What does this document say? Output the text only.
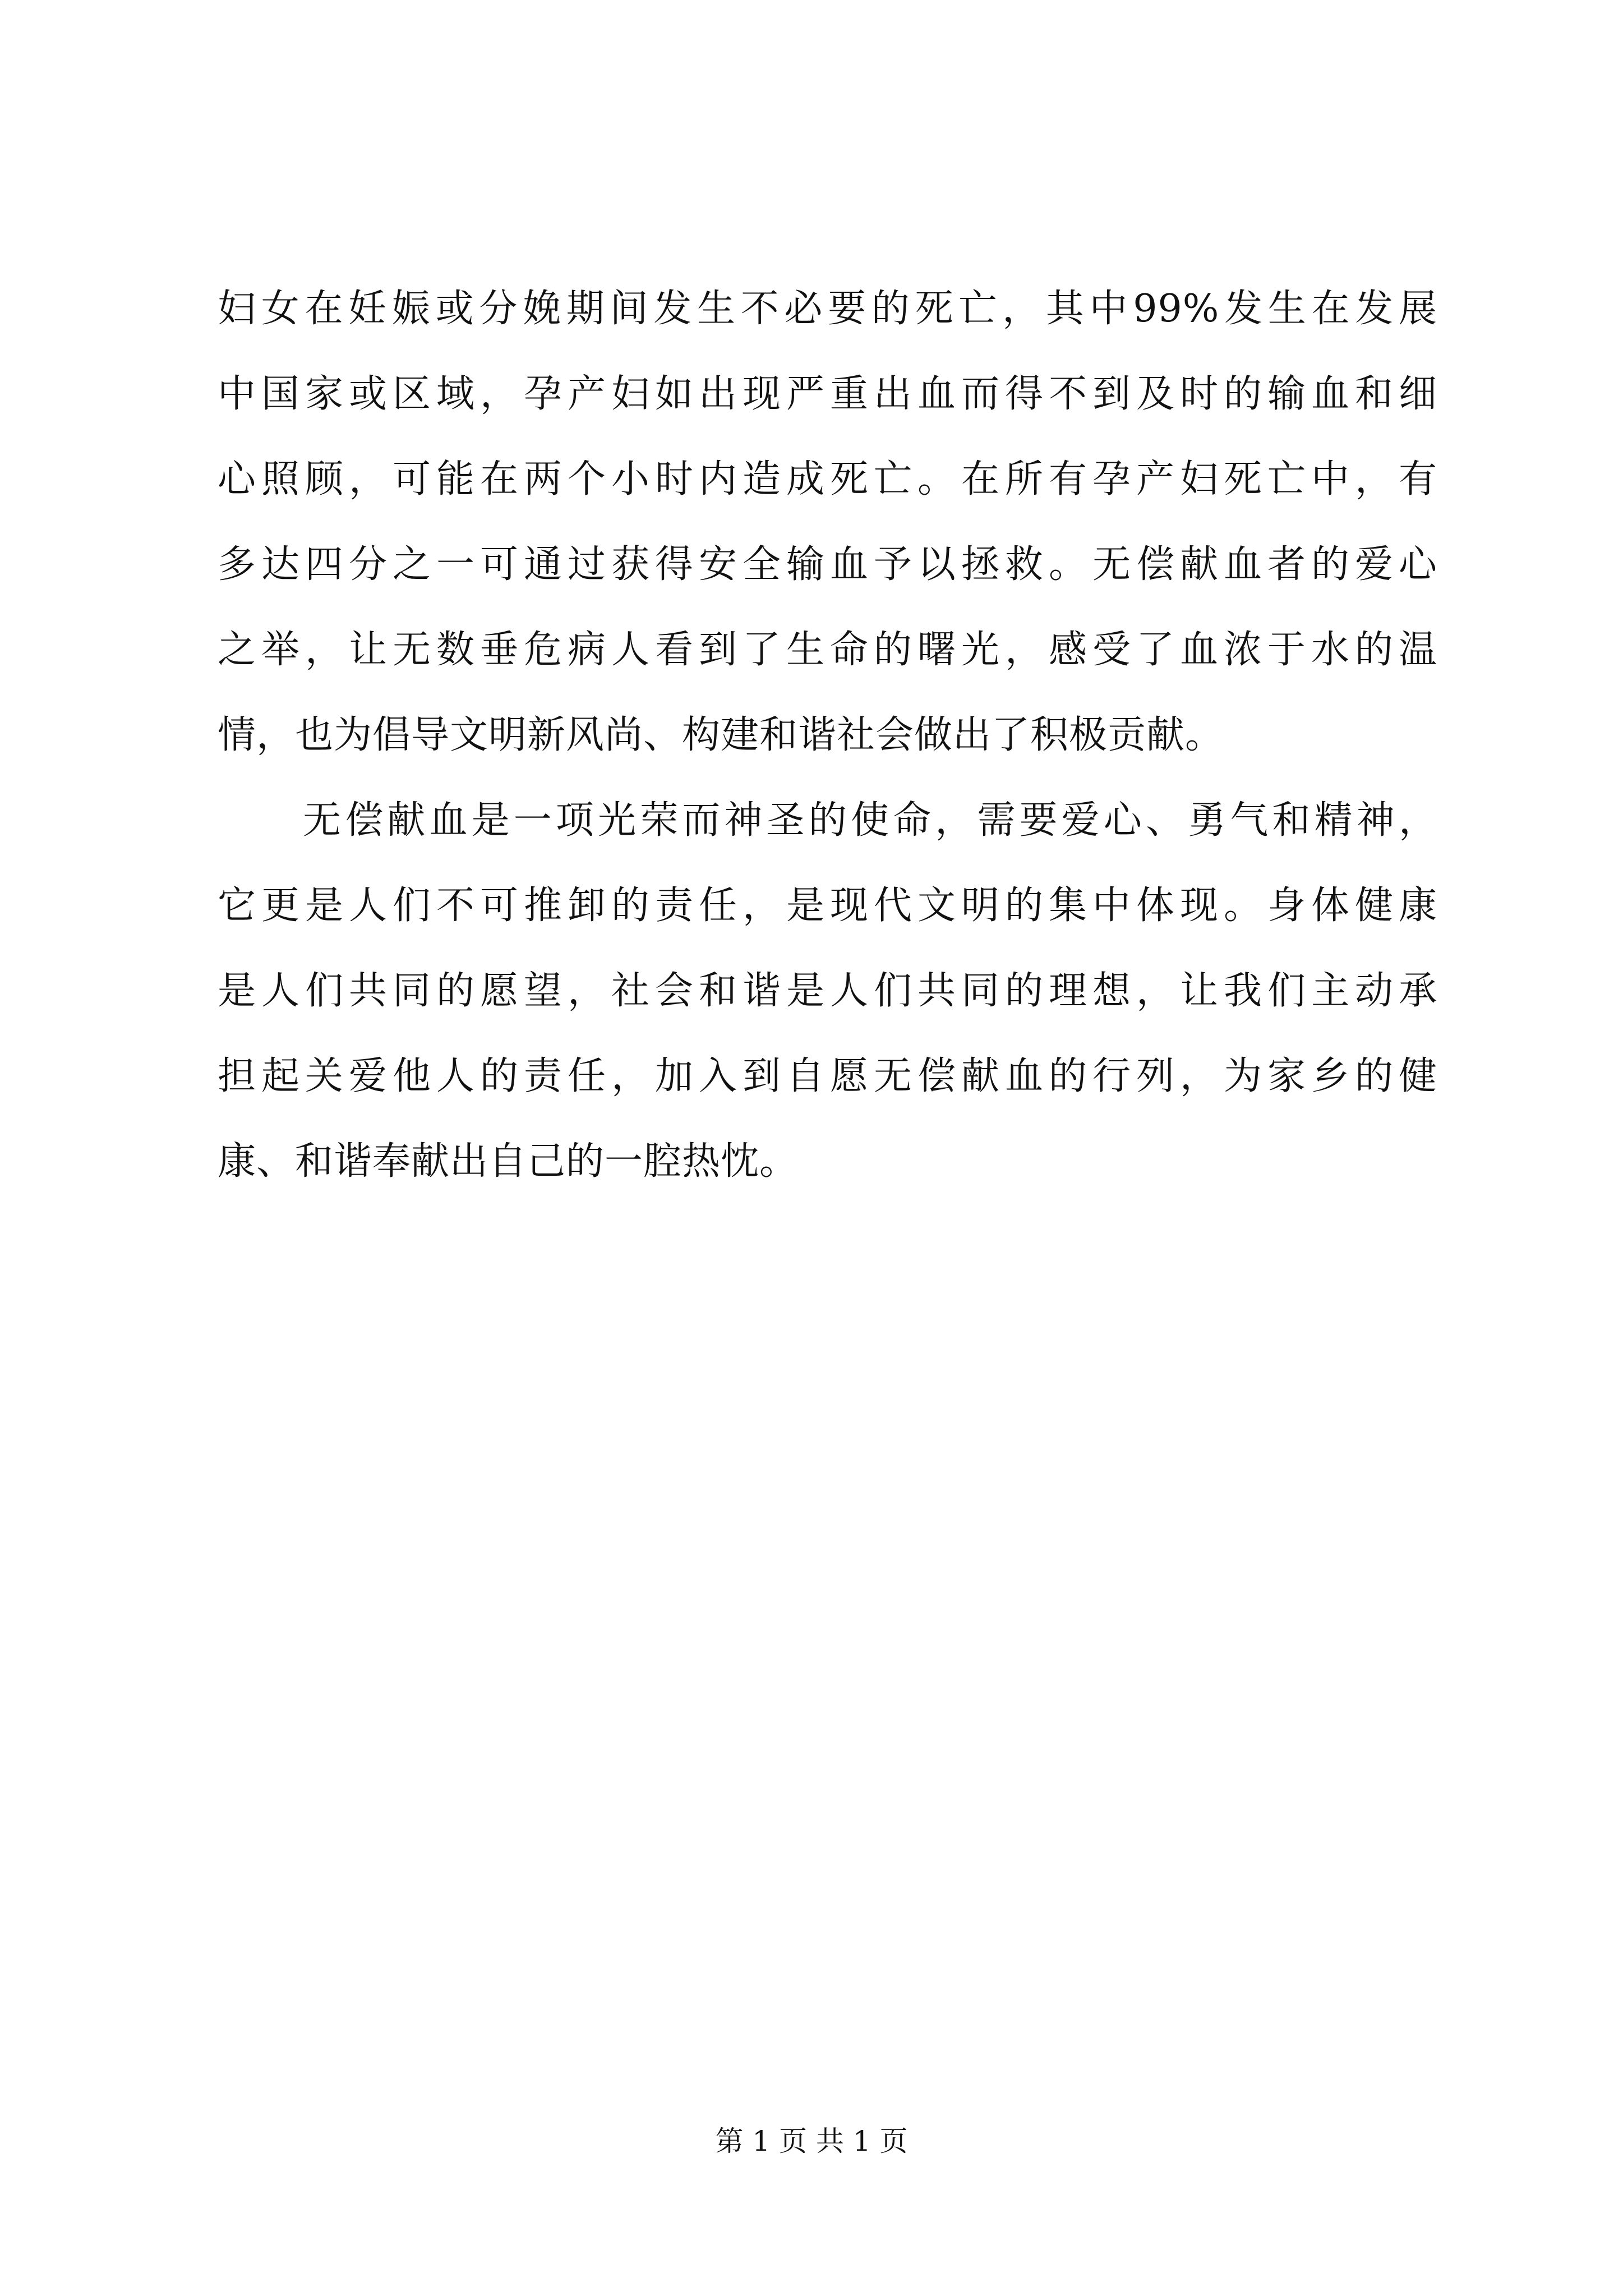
妇女在妊娠或分娩期间发生不必要的死亡，其中99%发生在发展
中国家或区域，孕产妇如出现严重出血而得不到及时的输血和细
心照顾，可能在两个小时内造成死亡。在所有孕产妇死亡中，有
多达四分之一可通过获得安全输血予以拯救。无偿献血者的爱心
之举，让无数垂危病人看到了生命的曙光，感受了血浓于水的温
情，也为倡导文明新风尚、构建和谐社会做出了积极贡献。
无偿献血是一项光荣而神圣的使命，需要爱心、勇气和精神，
它更是人们不可推卸的责任，是现代文明的集中体现。身体健康
是人们共同的愿望，社会和谐是人们共同的理想，让我们主动承
担起关爱他人的责任，加入到自愿无偿献血的行列，为家乡的健
康、和谐奉献出自己的一腔热忱。
第 1 页 共 1 页
